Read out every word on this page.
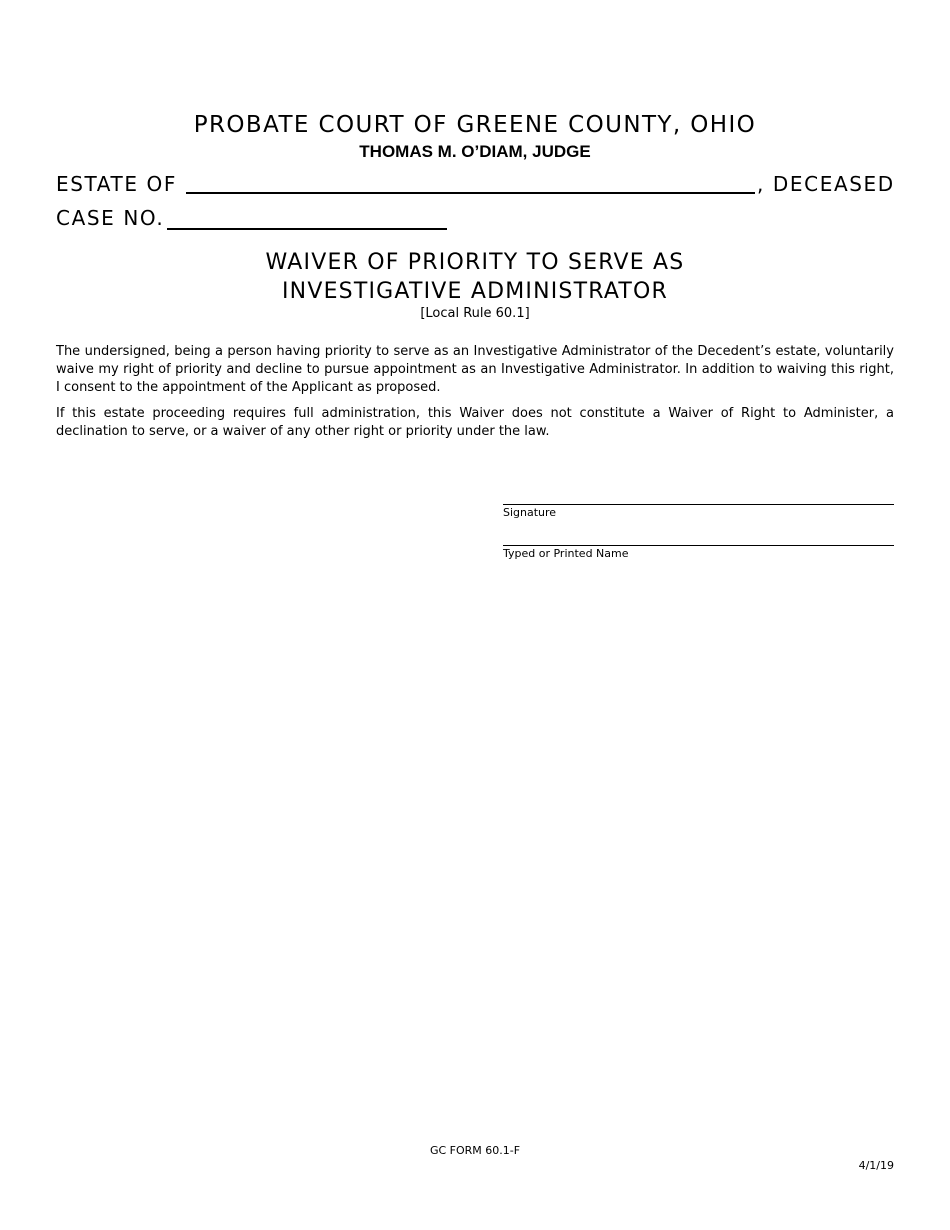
PROBATE COURT OF GREENE COUNTY, OHIO
THOMAS M. O’DIAM, JUDGE
ESTATE OF	, DECEASED
CASE NO.
WAIVER OF PRIORITY TO SERVE AS
INVESTIGATIVE ADMINISTRATOR
[Local Rule 60.1]
The undersigned, being a person having priority to serve as an Investigative Administrator of the Decedent’s estate, voluntarily waive my right of priority and decline to pursue appointment as an Investigative Administrator. In addition to waiving this right, I consent to the appointment of the Applicant as proposed.
If this estate proceeding requires full administration, this Waiver does not constitute a Waiver of Right to Administer, a declination to serve, or a waiver of any other right or priority under the law.
Signature
Typed or Printed Name
GC FORM 60.1-F
4/1/19
